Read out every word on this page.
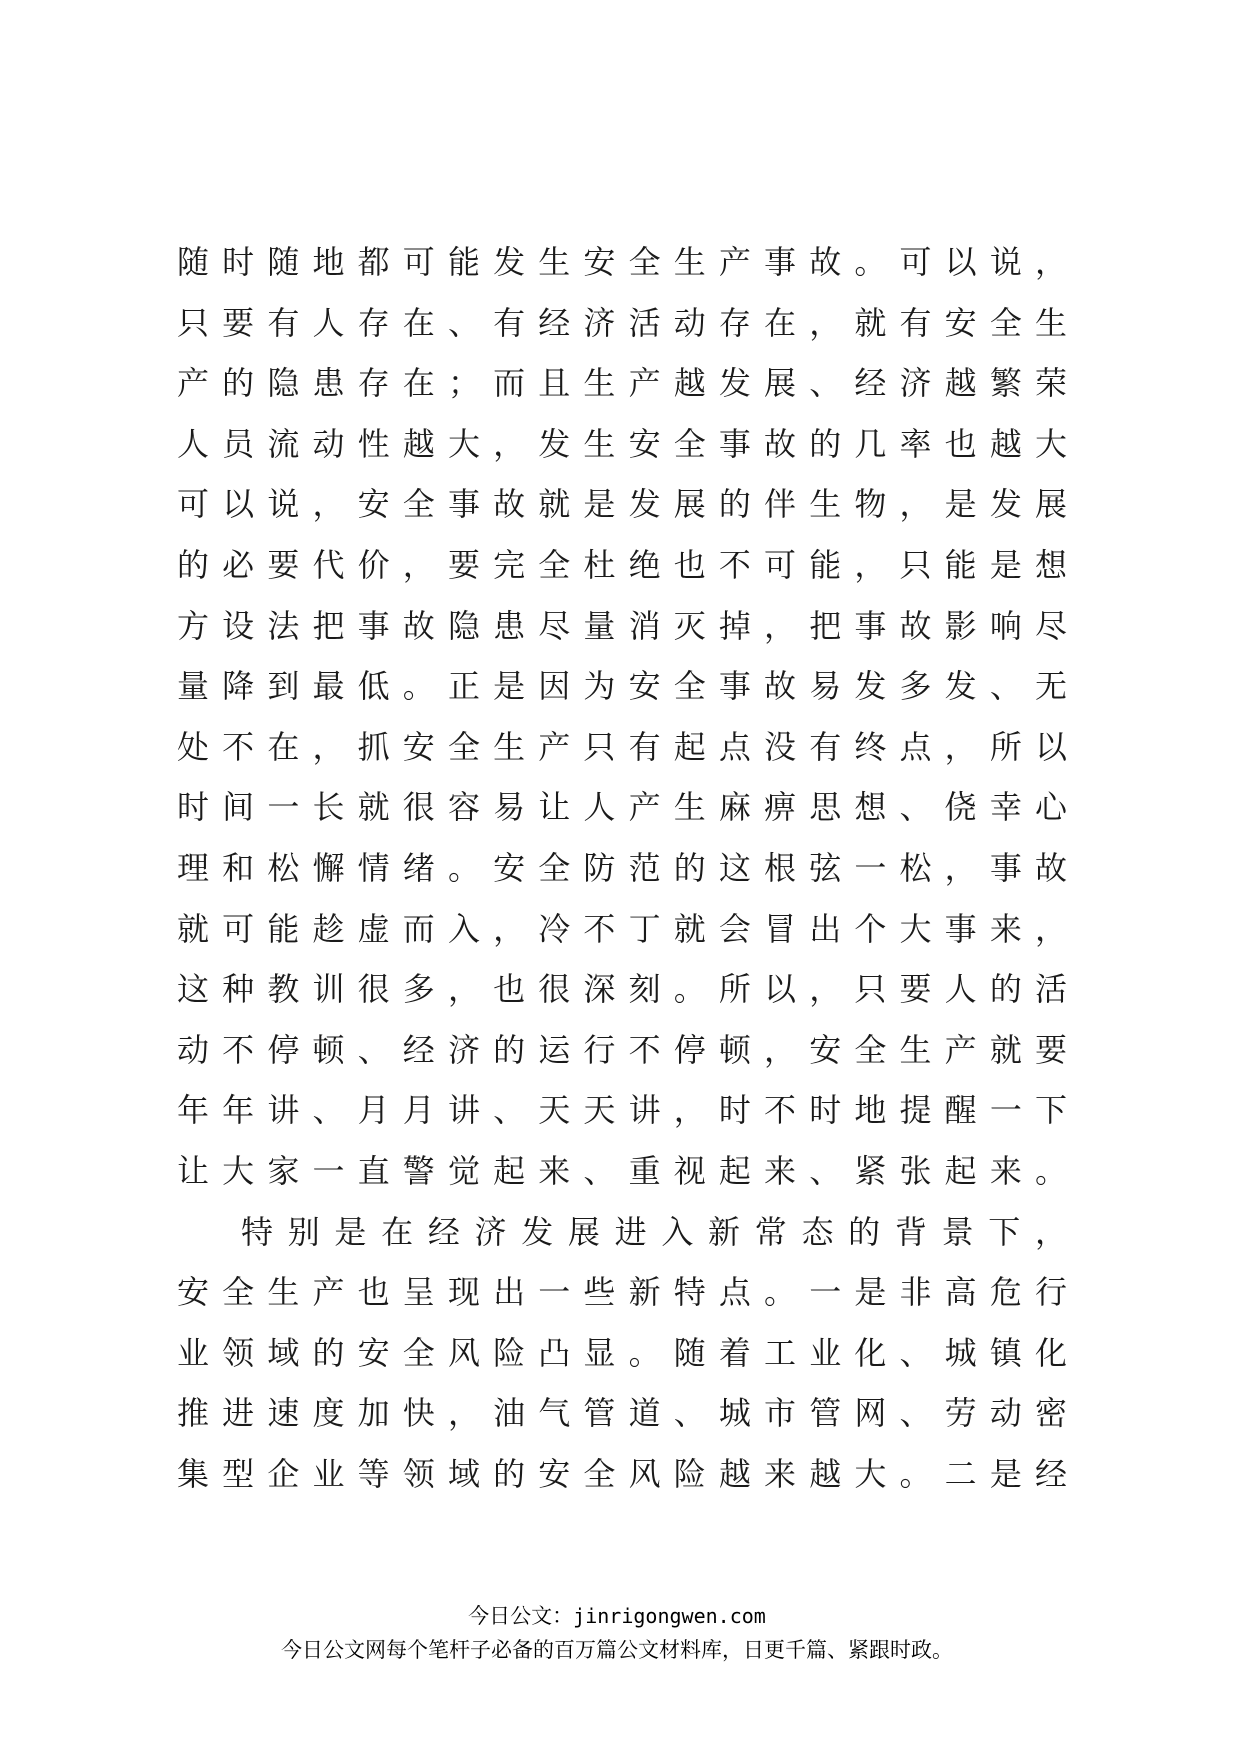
随时随地都可能发生安全生产事故。可以说，
只要有人存在、有经济活动存在，就有安全生
产的隐患存在；而且生产越发展、经济越繁荣
人员流动性越大，发生安全事故的几率也越大
可以说，安全事故就是发展的伴生物，是发展
的必要代价，要完全杜绝也不可能，只能是想
方设法把事故隐患尽量消灭掉，把事故影响尽
量降到最低。正是因为安全事故易发多发、无
处不在，抓安全生产只有起点没有终点，所以
时间一长就很容易让人产生麻痹思想、侥幸心
理和松懈情绪。安全防范的这根弦一松，事故
就可能趁虚而入，冷不丁就会冒出个大事来，
这种教训很多，也很深刻。所以，只要人的活
动不停顿、经济的运行不停顿，安全生产就要
年年讲、月月讲、天天讲，时不时地提醒一下
让大家一直警觉起来、重视起来、紧张起来。
特别是在经济发展进入新常态的背景下，
安全生产也呈现出一些新特点。一是非高危行
业领域的安全风险凸显。随着工业化、城镇化
推进速度加快，油气管道、城市管网、劳动密
集型企业等领域的安全风险越来越大。二是经
今日公文：jinrigongwen.com
今日公文网每个笔杆子必备的百万篇公文材料库，日更千篇、紧跟时政。
